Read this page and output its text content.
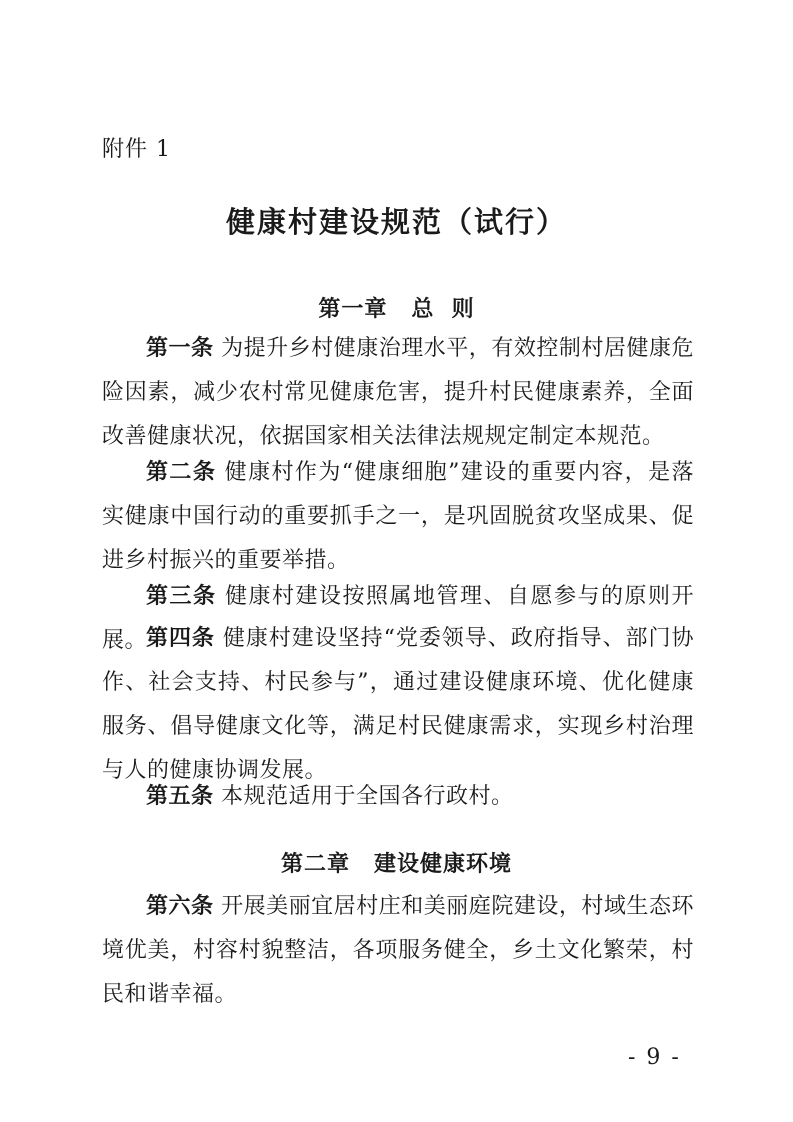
附件 1
健康村建设规范（试行）
第一章 总  则

第一条 为提升乡村健康治理水平，有效控制村居健康危险因素，减少农村常见健康危害，提升村民健康素养，全面改善健康状况，依据国家相关法律法规规定制定本规范。

第二条 健康村作为“健康细胞”建设的重要内容，是落实健康中国行动的重要抓手之一，是巩固脱贫攻坚成果、促进乡村振兴的重要举措。

第三条 健康村建设按照属地管理、自愿参与的原则开展。

第四条 健康村建设坚持“党委领导、政府指导、部门协作、社会支持、村民参与”，通过建设健康环境、优化健康服务、倡导健康文化等，满足村民健康需求，实现乡村治理与人的健康协调发展。

第五条 本规范适用于全国各行政村。

第二章 建设健康环境

第六条 开展美丽宜居村庄和美丽庭院建设，村域生态环境优美，村容村貌整洁，各项服务健全，乡土文化繁荣，村民和谐幸福。

- 9 -
